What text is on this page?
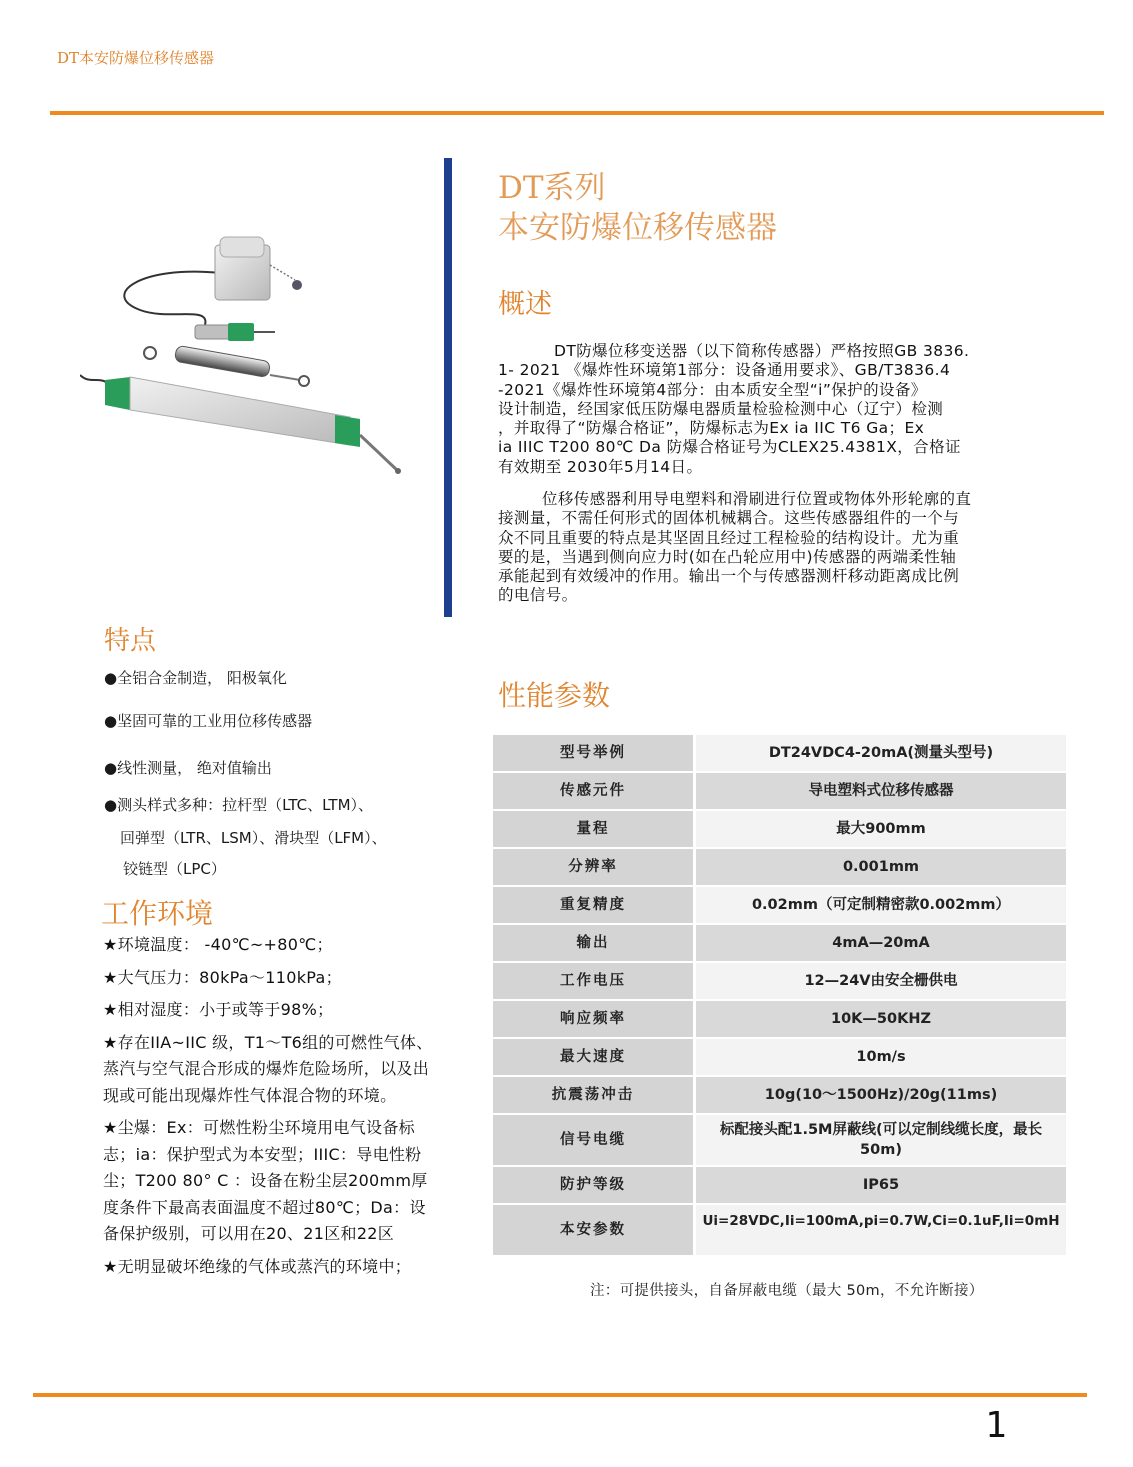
DT本安防爆位移传感器
DT系列
本安防爆位移传感器
概述

DT防爆位移变送器（以下简称传感器）严格按照GB 3836.

1- 2021 《爆炸性环境第1部分：设备通用要求》、GB/T3836.4

-2021《爆炸性环境第4部分：由本质安全型“i”保护的设备》

设计制造，经国家低压防爆电器质量检验检测中心（辽宁）检测

，并取得了“防爆合格证”，防爆标志为Ex ia IIC T6 Ga；Ex

ia IIIC T200 80℃ Da 防爆合格证号为CLEX25.4381X，合格证

有效期至 2030年5月14日。

位移传感器利用导电塑料和滑刷进行位置或物体外形轮廓的直

接测量，不需任何形式的固体机械耦合。这些传感器组件的一个与

众不同且重要的特点是其坚固且经过工程检验的结构设计。尤为重

要的是，当遇到侧向应力时(如在凸轮应用中)传感器的两端柔性轴

承能起到有效缓冲的作用。输出一个与传感器测杆移动距离成比例

的电信号。

特点
●全铝合金制造， 阳极氧化
●坚固可靠的工业用位移传感器
●线性测量， 绝对值输出
●测头样式多种：拉杆型（LTC、LTM）、
回弹型（LTR、LSM）、滑块型（LFM）、
铰链型（LPC）
工作环境

★环境温度： -40℃~+80℃；

★大气压力：80kPa～110kPa；

★相对湿度：小于或等于98%；

★存在IIA~IIC 级，T1～T6组的可燃性气体、蒸汽与空气混合形成的爆炸危险场所，以及出现或可能出现爆炸性气体混合物的环境。

★尘爆：Ex：可燃性粉尘环境用电气设备标志；ia：保护型式为本安型；IIIC：导电性粉尘；T200 80° C ：设备在粉尘层200mm厚度条件下最高表面温度不超过80℃；Da：设备保护级别，可以用在20、21区和22区

★无明显破坏绝缘的气体或蒸汽的环境中；

性能参数
型号举例	DT24VDC4-20mA(测量头型号)
传感元件	导电塑料式位移传感器
量程	最大900mm
分辨率	0.001mm
重复精度	0.02mm（可定制精密款0.002mm）
输出	4mA—20mA
工作电压	12—24V由安全栅供电
响应频率	10K—50KHZ
最大速度	10m/s
抗震荡冲击	10g(10～1500Hz)/20g(11ms)
信号电缆	标配接头配1.5M屏蔽线(可以定制线缆长度，最长50m)
防护等级	IP65
本安参数	Ui=28VDC,Ii=100mA,pi=0.7W,Ci=0.1uF,Ii=0mH
注：可提供接头，自备屏蔽电缆（最大 50m，不允许断接）
1
